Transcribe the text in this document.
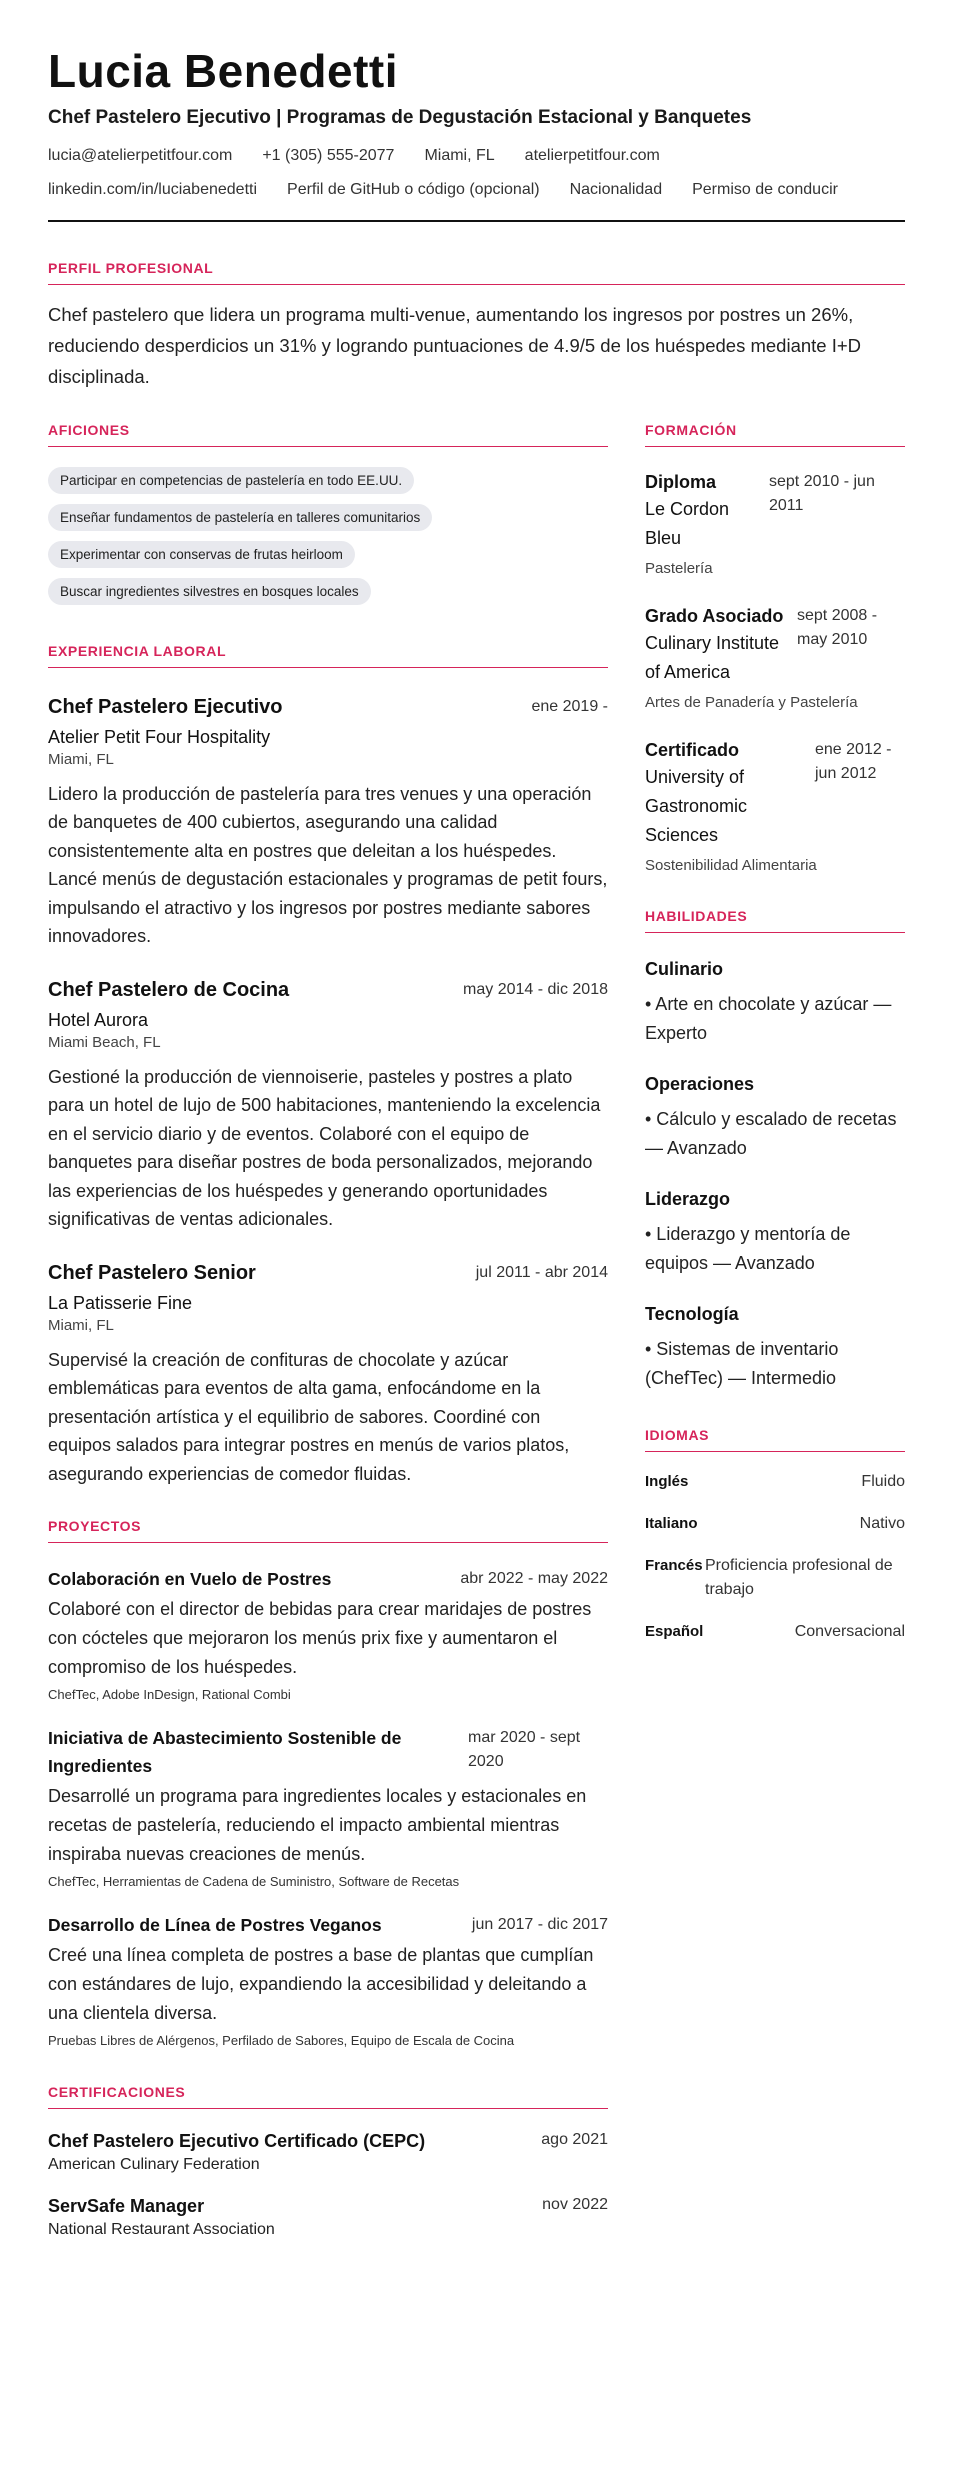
Lucia Benedetti
Chef Pastelero Ejecutivo | Programas de Degustación Estacional y Banquetes
lucia@atelierpetitfour.com +1 (305) 555-2077 Miami, FL atelierpetitfour.com
linkedin.com/in/luciabenedetti Perfil de GitHub o código (opcional) Nacionalidad Permiso de conducir
PERFIL PROFESIONAL
Chef pastelero que lidera un programa multi-venue, aumentando los ingresos por postres un 26%, reduciendo desperdicios un 31% y logrando puntuaciones de 4.9/5 de los huéspedes mediante I+D disciplinada.
AFICIONES
Participar en competencias de pastelería en todo EE.UU.
Enseñar fundamentos de pastelería en talleres comunitarios
Experimentar con conservas de frutas heirloom
Buscar ingredientes silvestres en bosques locales
EXPERIENCIA LABORAL
Chef Pastelero Ejecutivo	ene 2019 -
Atelier Petit Four Hospitality
Miami, FL
Lidero la producción de pastelería para tres venues y una operación de banquetes de 400 cubiertos, asegurando una calidad consistentemente alta en postres que deleitan a los huéspedes. Lancé menús de degustación estacionales y programas de petit fours, impulsando el atractivo y los ingresos por postres mediante sabores innovadores.
Chef Pastelero de Cocina	may 2014 - dic 2018
Hotel Aurora
Miami Beach, FL
Gestioné la producción de viennoiserie, pasteles y postres a plato para un hotel de lujo de 500 habitaciones, manteniendo la excelencia en el servicio diario y de eventos. Colaboré con el equipo de banquetes para diseñar postres de boda personalizados, mejorando las experiencias de los huéspedes y generando oportunidades significativas de ventas adicionales.
Chef Pastelero Senior	jul 2011 - abr 2014
La Patisserie Fine
Miami, FL
Supervisé la creación de confituras de chocolate y azúcar emblemáticas para eventos de alta gama, enfocándome en la presentación artística y el equilibrio de sabores. Coordiné con equipos salados para integrar postres en menús de varios platos, asegurando experiencias de comedor fluidas.
PROYECTOS
Colaboración en Vuelo de Postres	abr 2022 - may 2022
Colaboré con el director de bebidas para crear maridajes de postres con cócteles que mejoraron los menús prix fixe y aumentaron el compromiso de los huéspedes.
ChefTec, Adobe InDesign, Rational Combi
Iniciativa de Abastecimiento Sostenible de Ingredientes
mar 2020 - sept 2020
Desarrollé un programa para ingredientes locales y estacionales en recetas de pastelería, reduciendo el impacto ambiental mientras inspiraba nuevas creaciones de menús.
ChefTec, Herramientas de Cadena de Suministro, Software de Recetas
Desarrollo de Línea de Postres Veganos	jun 2017 - dic 2017
Creé una línea completa de postres a base de plantas que cumplían con estándares de lujo, expandiendo la accesibilidad y deleitando a una clientela diversa.
Pruebas Libres de Alérgenos, Perfilado de Sabores, Equipo de Escala de Cocina
CERTIFICACIONES
Chef Pastelero Ejecutivo Certificado (CEPC)	ago 2021
American Culinary Federation
ServSafe Manager	nov 2022
National Restaurant Association
FORMACIÓN
Diploma
Le Cordon Bleu
sept 2010 - jun 2011
Pastelería
Grado Asociado
Culinary Institute of America
sept 2008 - may 2010
Artes de Panadería y Pastelería
Certificado
University of Gastronomic Sciences
ene 2012 - jun 2012
Sostenibilidad Alimentaria
HABILIDADES
Culinario
• Arte en chocolate y azúcar — Experto
Operaciones
• Cálculo y escalado de recetas — Avanzado
Liderazgo
• Liderazgo y mentoría de equipos — Avanzado
Tecnología
• Sistemas de inventario (ChefTec) — Intermedio
IDIOMAS
Inglés	Fluido
Italiano	Nativo
Francés Proficiencia profesional de trabajo
Español	Conversacional
